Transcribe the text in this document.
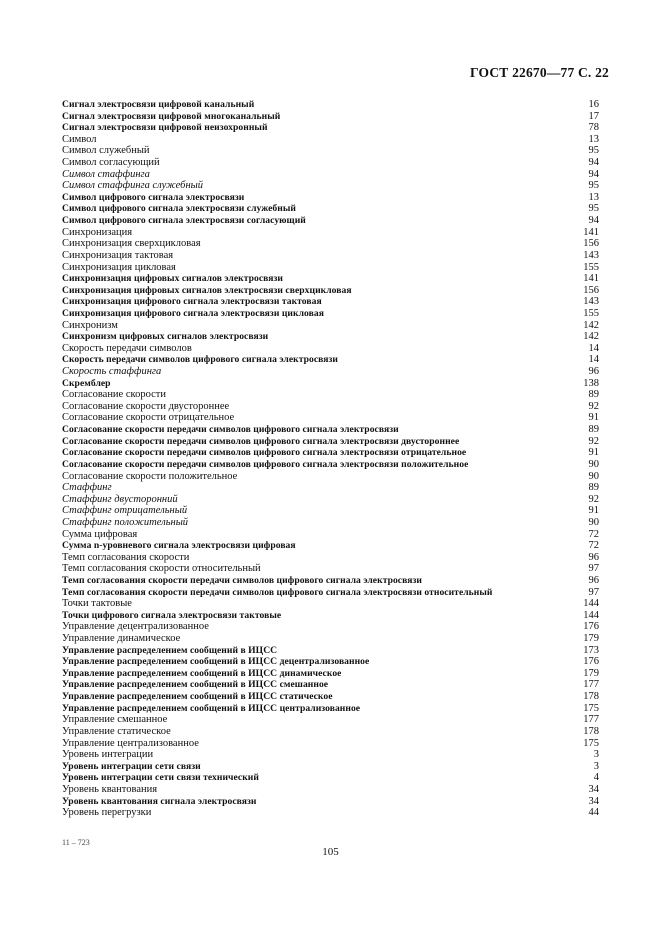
ГОСТ 22670—77 С. 22
Сигнал электросвязи цифровой канальный	16
Сигнал электросвязи цифровой многоканальный	17
Сигнал электросвязи цифровой неизохронный	78
Символ	13
Символ служебный	95
Символ согласующий	94
Символ стаффинга	94
Символ стаффинга служебный	95
Символ цифрового сигнала электросвязи	13
Символ цифрового сигнала электросвязи служебный	95
Символ цифрового сигнала электросвязи согласующий	94
Синхронизация	141
Синхронизация сверхцикловая	156
Синхронизация тактовая	143
Синхронизация цикловая	155
Синхронизация цифровых сигналов электросвязи	141
Синхронизация цифровых сигналов электросвязи сверхцикловая	156
Синхронизация цифрового сигнала электросвязи тактовая	143
Синхронизация цифрового сигнала электросвязи цикловая	155
Синхронизм	142
Синхронизм цифровых сигналов электросвязи	142
Скорость передачи символов	14
Скорость передачи символов цифрового сигнала электросвязи	14
Скорость стаффинга	96
Скремблер	138
Согласование скорости	89
Согласование скорости двустороннее	92
Согласование скорости отрицательное	91
Согласование скорости передачи символов цифрового сигнала электросвязи	89
Согласование скорости передачи символов цифрового сигнала электросвязи двустороннее	92
Согласование скорости передачи символов цифрового сигнала электросвязи отрицательное	91
Согласование скорости передачи символов цифрового сигнала электросвязи положительное	90
Согласование скорости положительное	90
Стаффинг	89
Стаффинг двусторонний	92
Стаффинг отрицательный	91
Стаффинг положительный	90
Сумма цифровая	72
Сумма n-уровневого сигнала электросвязи цифровая	72
Темп согласования скорости	96
Темп согласования скорости относительный	97
Темп согласования скорости передачи символов цифрового сигнала электросвязи	96
Темп согласования скорости передачи символов цифрового сигнала электросвязи относительный	97
Точки тактовые	144
Точки цифрового сигнала электросвязи тактовые	144
Управление децентрализованное	176
Управление динамическое	179
Управление распределением сообщений в ИЦСС	173
Управление распределением сообщений в ИЦСС децентрализованное	176
Управление распределением сообщений в ИЦСС динамическое	179
Управление распределением сообщений в ИЦСС смешанное	177
Управление распределением сообщений в ИЦСС статическое	178
Управление распределением сообщений в ИЦСС централизованное	175
Управление смешанное	177
Управление статическое	178
Управление централизованное	175
Уровень интеграции	3
Уровень интеграции сети связи	3
Уровень интеграции сети связи технический	4
Уровень квантования	34
Уровень квантования сигнала электросвязи	34
Уровень перегрузки	44
11 – 723
105
